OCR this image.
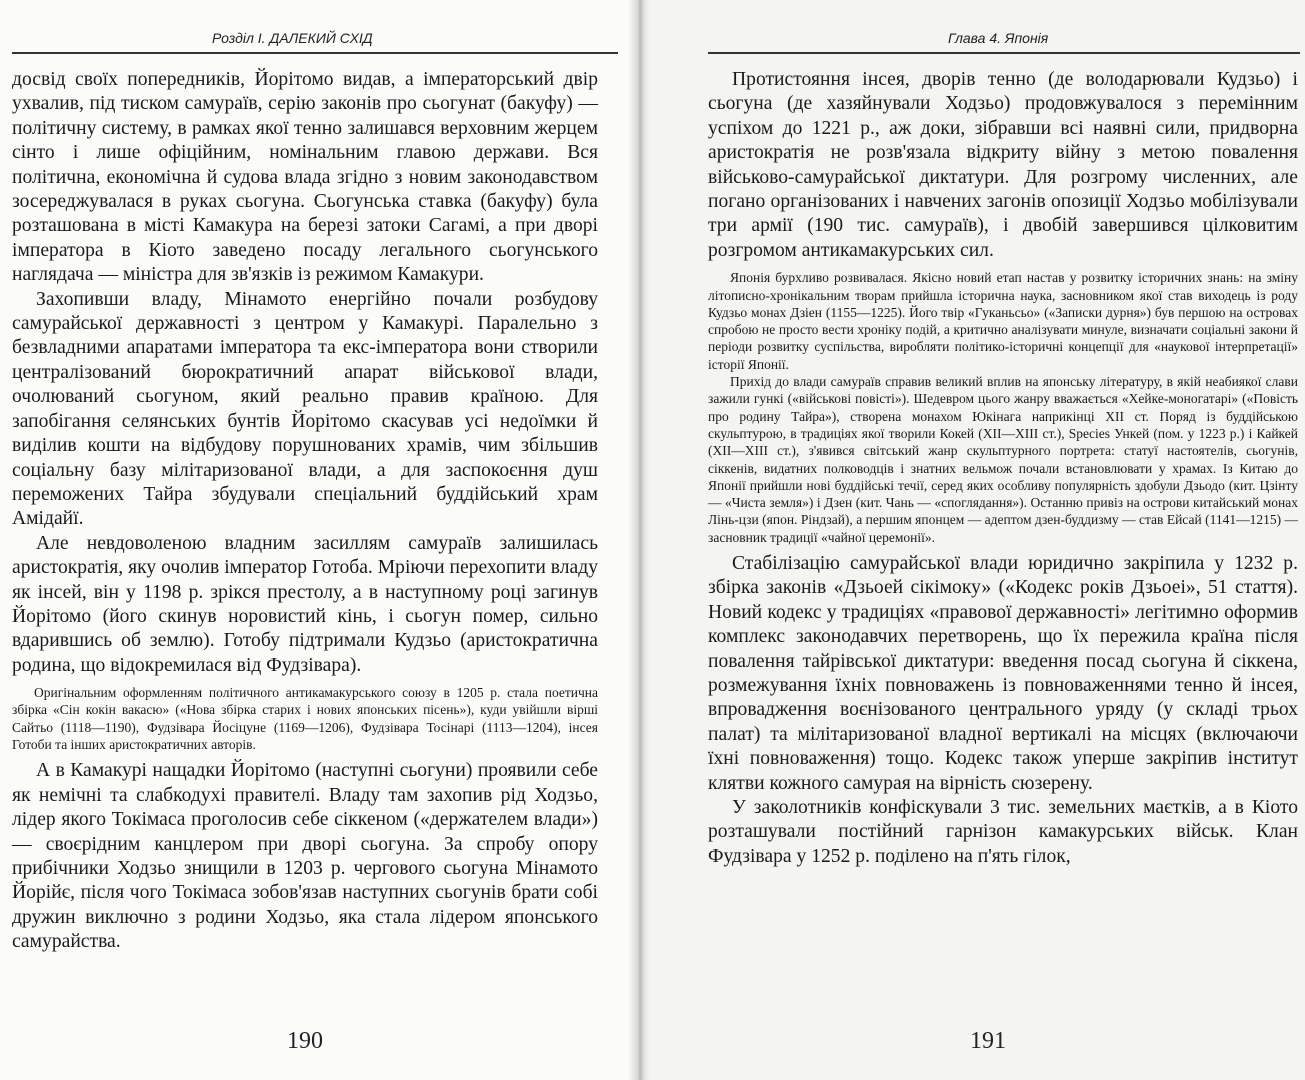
Розділ І. ДАЛЕКИЙ СХІД

досвід своїх попередників, Йорітомо видав, а імператорський двір ухвалив, під тиском самураїв, серію законів про сьогунат (бакуфу) — політичну систему, в рамках якої тенно залишався верховним жерцем сінто і лише офіційним, номінальним главою держави. Вся політична, економічна й судова влада згідно з новим законодавством зосереджувалася в руках сьогуна. Сьогунська ставка (бакуфу) була розташована в місті Камакура на березі затоки Сагамі, а при дворі імператора в Кіото заведено посаду легального сьогунського наглядача — міністра для зв'язків із режимом Камакури.

Захопивши владу, Мінамото енергійно почали розбудову самурайської державності з центром у Камакурі. Паралельно з безвладними апаратами імператора та екс-імператора вони створили централізований бюрократичний апарат військової влади, очолюваний сьогуном, який реально правив країною. Для запобігання селянських бунтів Йорітомо скасував усі недоїмки й виділив кошти на відбудову порушнованих храмів, чим збільшив соціальну базу мілітаризованої влади, а для заспокоєння душ переможених Тайра збудували спеціальний буддійський храм Амідайї.

Але невдоволеною владним засиллям самураїв залишилась аристократія, яку очолив імператор Готоба. Мріючи перехопити владу як інсей, він у 1198 р. зрікся престолу, а в наступному році загинув Йорітомо (його скинув норовистий кінь, і сьогун помер, сильно вдарившись об землю). Готобу підтримали Кудзьо (аристократична родина, що відокремилася від Фудзівара).

Оригінальним оформленням політичного антикамакурського союзу в 1205 р. стала поетична збірка «Сін кокін вакасю» («Нова збірка старих і нових японських пісень»), куди увійшли вірші Сайтьо (1118—1190), Фудзівара Йосіцуне (1169—1206), Фудзівара Тосінарі (1113—1204), інсея Готоби та інших аристократичних авторів.

А в Камакурі нащадки Йорітомо (наступні сьогуни) проявили себе як немічні та слабкодухі правителі. Владу там захопив рід Ходзьо, лідер якого Токімаса проголосив себе сіккеном («держателем влади») — своєрідним канцлером при дворі сьогуна. За спробу опору прибічники Ходзьо знищили в 1203 р. чергового сьогуна Мінамото Йорійє, після чого Токімаса зобов'язав наступних сьогунів брати собі дружин виключно з родини Ходзьо, яка стала лідером японського самурайства.

190
Глава 4. Японія

Протистояння інсея, дворів тенно (де володарювали Кудзьо) і сьогуна (де хазяйнували Ходзьо) продовжувалося з перемінним успіхом до 1221 р., аж доки, зібравши всі наявні сили, придворна аристократія не розв'язала відкриту війну з метою повалення військово-самурайської диктатури. Для розгрому численних, але погано організованих і навчених загонів опозиції Ходзьо мобілізували три армії (190 тис. самураїв), і двобій завершився цілковитим розгромом антикамакурських сил.

Японія бурхливо розвивалася. Якісно новий етап настав у розвитку історичних знань: на зміну літописно-хронікальним творам прийшла історична наука, засновником якої став виходець із роду Кудзьо монах Дзіен (1155—1225). Його твір «Гуканьсьо» («Записки дурня») був першою на островах спробою не просто вести хроніку подій, а критично аналізувати минуле, визначати соціальні закони й періоди розвитку суспільства, виробляти політико-історичні концепції для «наукової інтерпретації» історії Японії.

Прихід до влади самураїв справив великий вплив на японську літературу, в якій неабиякої слави зажили гункі («військові повісті»). Шедевром цього жанру вважається «Хейке-моногатарі» («Повість про родину Тайра»), створена монахом Юкінага наприкінці XII ст. Поряд із буддійською скульптурою, в традиціях якої творили Кокей (XII—XIII ст.), Species Ункей (пом. у 1223 р.) і Кайкей (XII—XIII ст.), з'явився світський жанр скульптурного портрета: статуї настоятелів, сьогунів, сіккенів, видатних полководців і знатних вельмож почали встановлювати у храмах. Із Китаю до Японії прийшли нові буддійські течії, серед яких особливу популярність здобули Дзьодо (кит. Цзінту — «Чиста земля») і Дзен (кит. Чань — «споглядання»). Останню привіз на острови китайський монах Лінь-цзи (япон. Ріндзай), а першим японцем — адептом дзен-буддизму — став Ейсай (1141—1215) — засновник традиції «чайної церемонії».

Стабілізацію самурайської влади юридично закріпила у 1232 р. збірка законів «Дзьоей сікімоку» («Кодекс років Дзьоеі», 51 стаття). Новий кодекс у традиціях «правової державності» легітимно оформив комплекс законодавчих перетворень, що їх пережила країна після повалення тайрівської диктатури: введення посад сьогуна й сіккена, розмежування їхніх повноважень із повноваженнями тенно й інсея, впровадження воєнізованого центрального уряду (у складі трьох палат) та мілітаризованої владної вертикалі на місцях (включаючи їхні повноваження) тощо. Кодекс також уперше закріпив інститут клятви кожного самурая на вірність сюзерену.

У заколотників конфіскували 3 тис. земельних маєтків, а в Кіото розташували постійний гарнізон камакурських військ. Клан Фудзівара у 1252 р. поділено на п'ять гілок,

191
